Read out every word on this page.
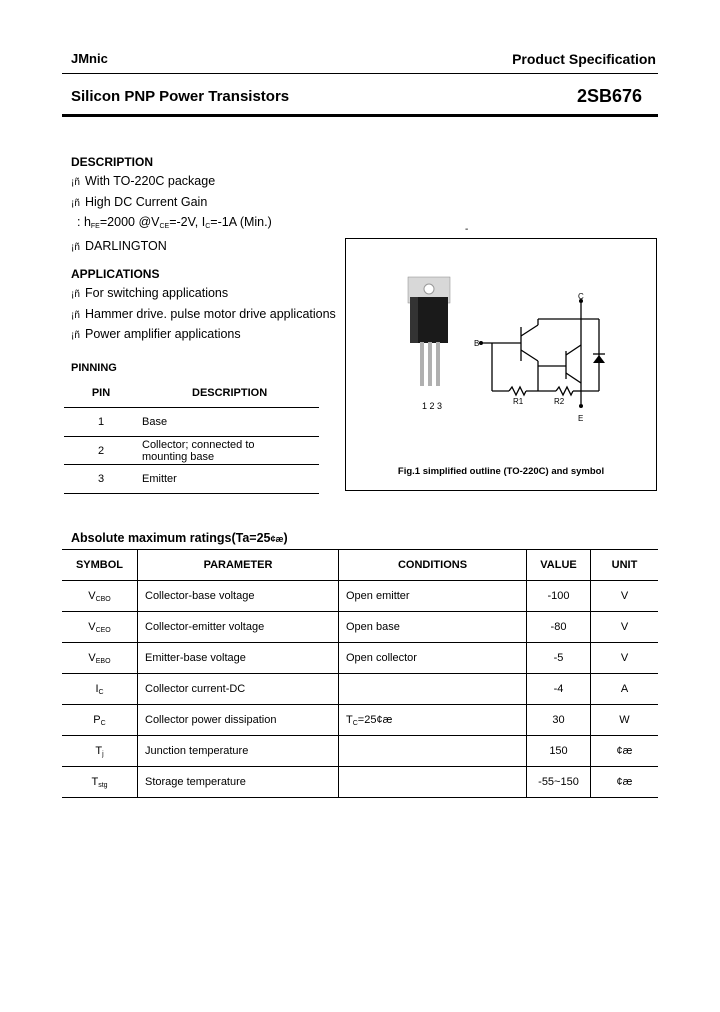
JMnic	Product Specification
Silicon PNP Power Transistors	2SB676
DESCRIPTION
¡ñ With TO-220C package
¡ñ High DC Current Gain
: $h_{FE}=2000$ $@V_{CE}=-2V$, $I_C=-1A$ (Min.)
¡ñ DARLINGTON
APPLICATIONS
¡ñ For switching applications
¡ñ Hammer drive. pulse motor drive applications
¡ñ Power amplifier applications
PINNING
PIN	DESCRIPTION
1	Base
2	Collector; connected to
mounting base

3	Emitter
-
1 2 3
C
B
E
R1	R2
Fig.1 simplified outline (TO-220C) and symbol
Absolute maximum ratings(Ta=25¢æ)
SYMBOL	PARAMETER	CONDITIONS	VALUE	UNIT
$V_{CBO}$	Collector-base voltage	Open emitter	-100	V
$V_{CEO}$	Collector-emitter voltage	Open base	-80	V
$V_{EBO}$	Emitter-base voltage	Open collector	-5	V
$I_C$	Collector current-DC		-4	A
$P_C$	Collector power dissipation	$T_C=25¢æ$	30	W
$T_j$	Junction temperature		150	¢æ
$T_{stg}$	Storage temperature		-55~150	¢æ
